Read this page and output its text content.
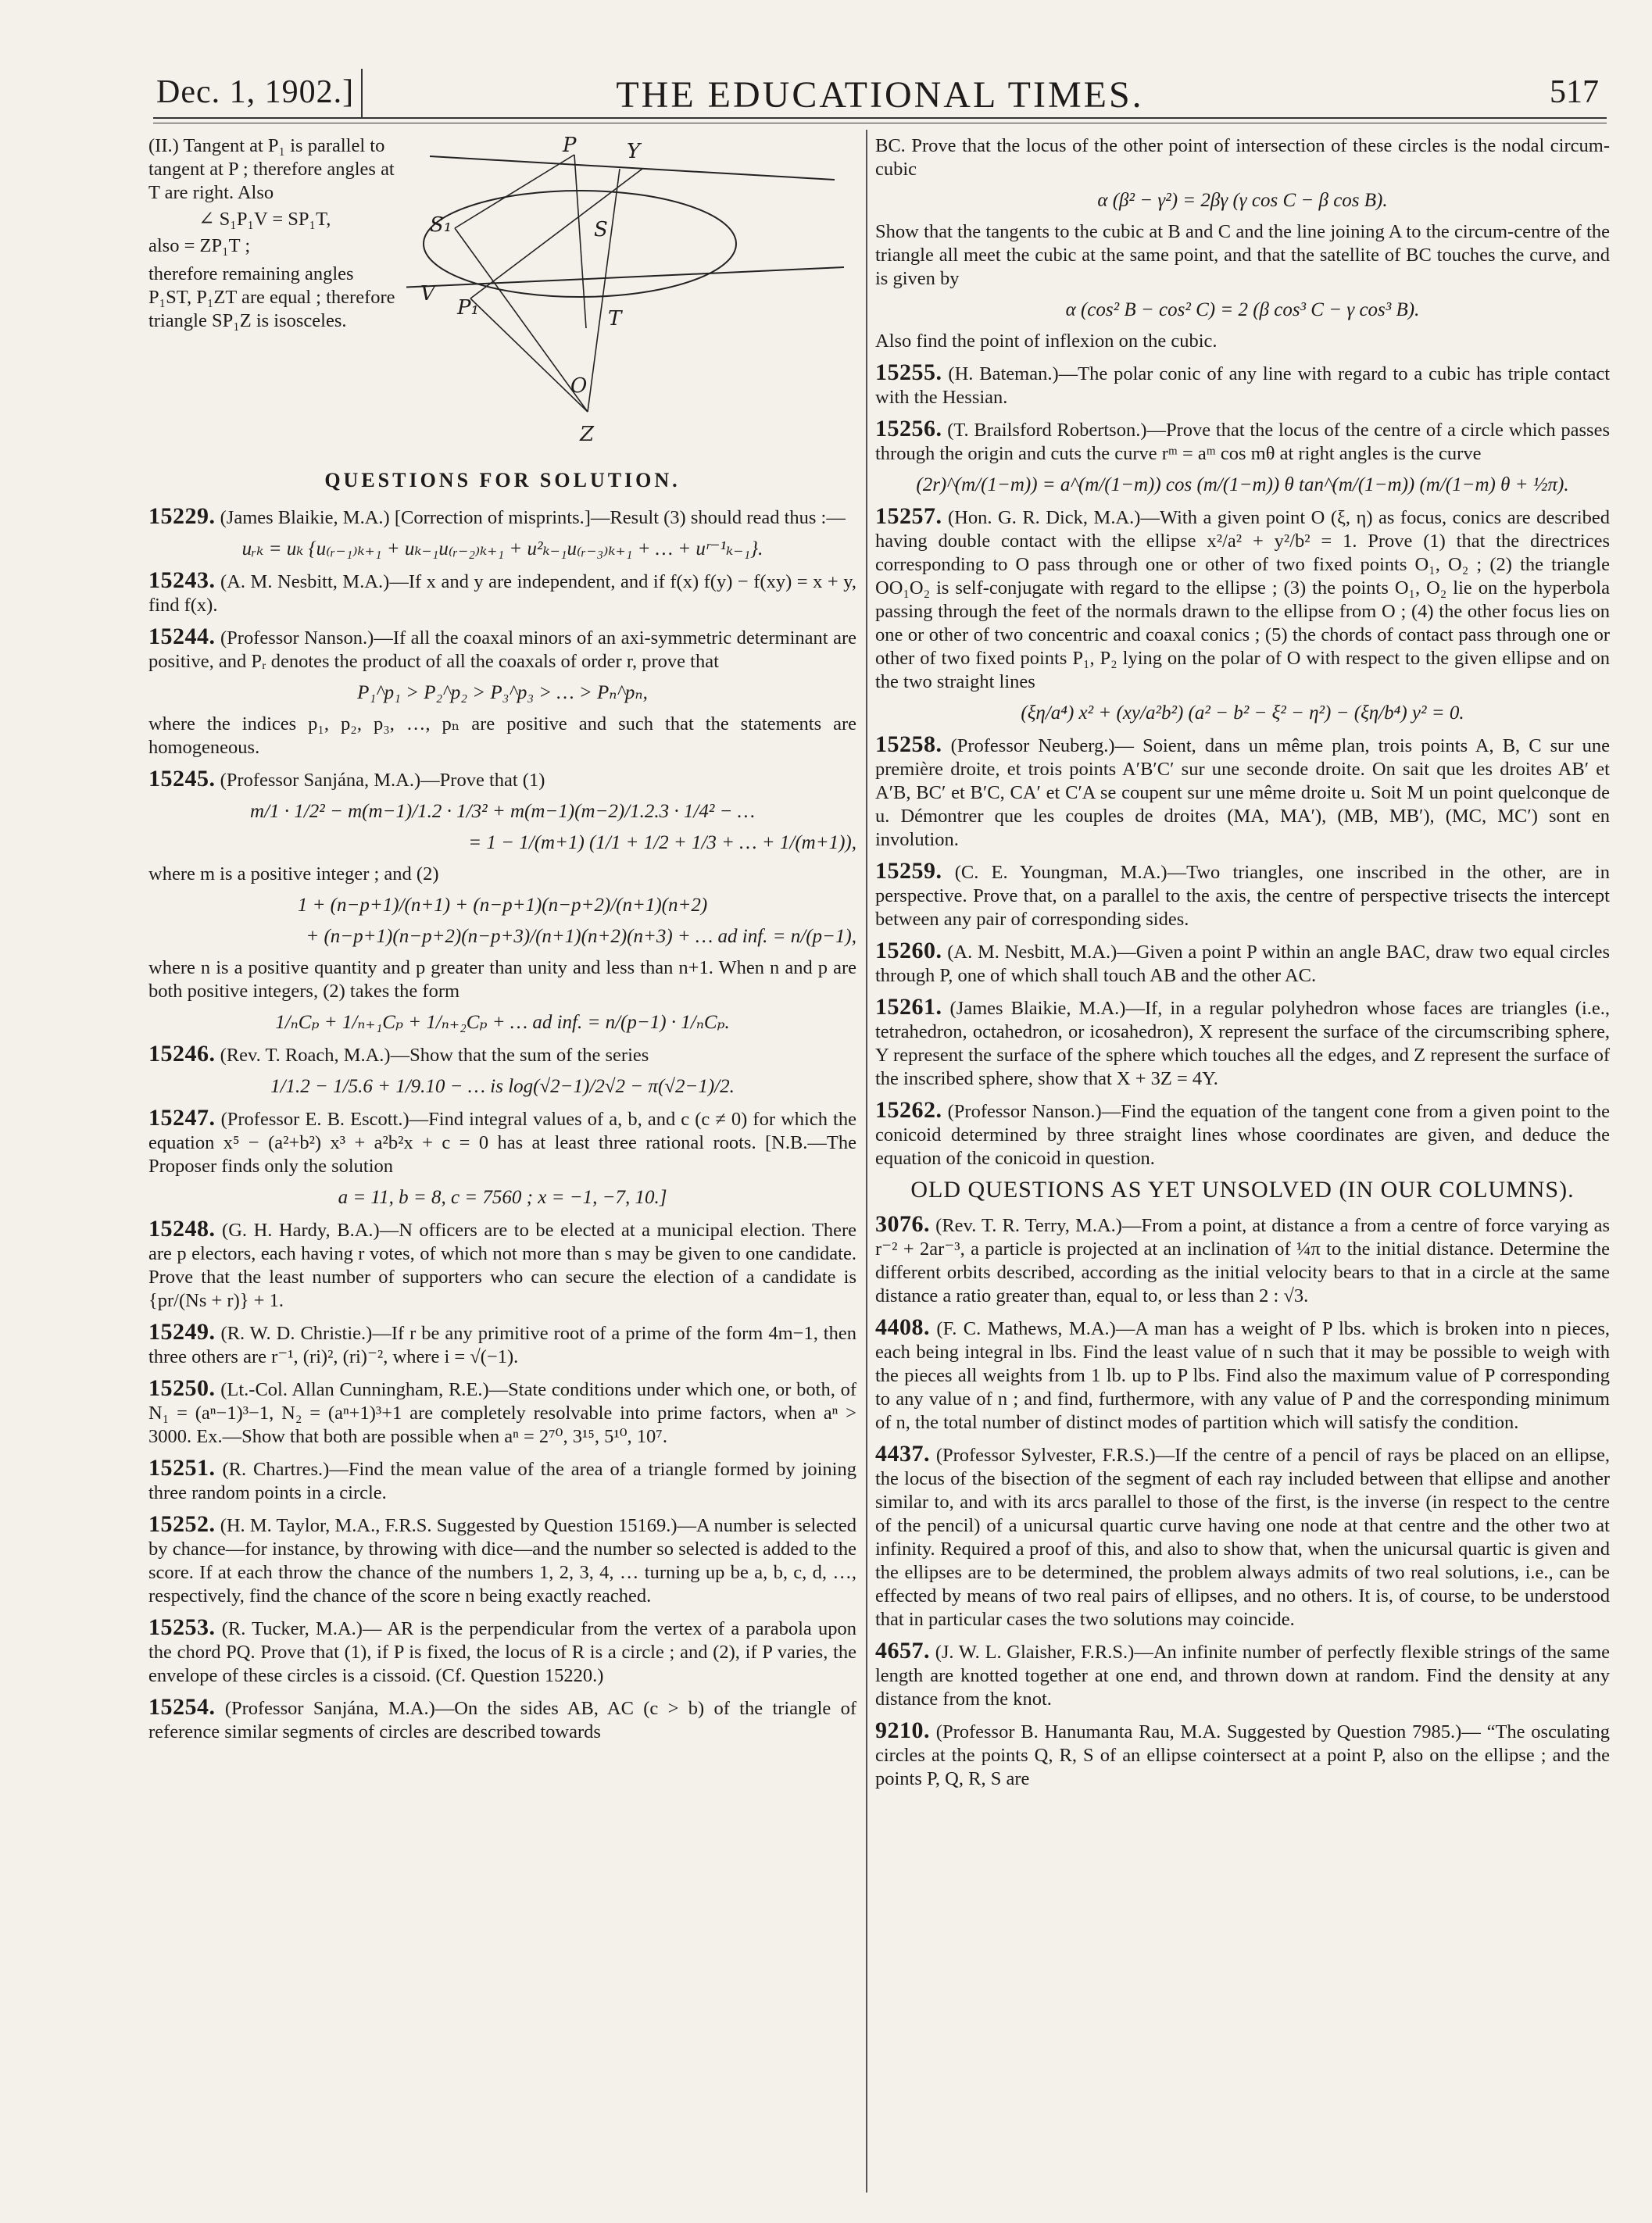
Dec. 1, 1902.]	THE EDUCATIONAL TIMES.	517

(II.) Tangent at P₁ is parallel to tangent at P ; therefore angles at T are right. Also

∠ S₁P₁V = SP₁T,

also = ZP₁T ;

therefore remaining angles P₁ST, P₁ZT are equal ; therefore triangle SP₁Z is isosceles.

P Y
S₁	S
V
P₁	T
O
Z
QUESTIONS FOR SOLUTION.

15229. (James Blaikie, M.A.) [Correction of misprints.]—Result (3) should read thus :—

uᵣₖ = uₖ {u₍ᵣ₋₁₎ₖ₊₁ + uₖ₋₁u₍ᵣ₋₂₎ₖ₊₁ + u²ₖ₋₁u₍ᵣ₋₃₎ₖ₊₁ + … + uʳ⁻¹ₖ₋₁}.

15243. (A. M. Nesbitt, M.A.)—If x and y are independent, and if f(x) f(y) − f(xy) = x + y, find f(x).

15244. (Professor Nanson.)—If all the coaxal minors of an axi-symmetric determinant are positive, and Pᵣ denotes the product of all the coaxals of order r, prove that

P₁^p₁ > P₂^p₂ > P₃^p₃ > … > Pₙ^pₙ,

where the indices p₁, p₂, p₃, …, pₙ are positive and such that the statements are homogeneous.

15245. (Professor Sanjána, M.A.)—Prove that (1)

m/1 · 1/2² − m(m−1)/1.2 · 1/3² + m(m−1)(m−2)/1.2.3 · 1/4² − …
= 1 − 1/(m+1) (1/1 + 1/2 + 1/3 + … + 1/(m+1)),

where m is a positive integer ; and (2)

1 + (n−p+1)/(n+1) + (n−p+1)(n−p+2)/(n+1)(n+2)
+ (n−p+1)(n−p+2)(n−p+3)/(n+1)(n+2)(n+3) + … ad inf. = n/(p−1),

where n is a positive quantity and p greater than unity and less than n+1. When n and p are both positive integers, (2) takes the form

1/ₙCₚ + 1/ₙ₊₁Cₚ + 1/ₙ₊₂Cₚ + … ad inf. = n/(p−1) · 1/ₙCₚ.

15246. (Rev. T. Roach, M.A.)—Show that the sum of the series

1/1.2 − 1/5.6 + 1/9.10 − … is log(√2−1)/2√2 − π(√2−1)/2.

15247. (Professor E. B. Escott.)—Find integral values of a, b, and c (c ≠ 0) for which the equation x⁵ − (a²+b²) x³ + a²b²x + c = 0 has at least three rational roots. [N.B.—The Proposer finds only the solution

a = 11, b = 8, c = 7560 ; x = −1, −7, 10.]

15248. (G. H. Hardy, B.A.)—N officers are to be elected at a municipal election. There are p electors, each having r votes, of which not more than s may be given to one candidate. Prove that the least number of supporters who can secure the election of a candidate is {pr/(Ns + r)} + 1.

15249. (R. W. D. Christie.)—If r be any primitive root of a prime of the form 4m−1, then three others are r⁻¹, (ri)², (ri)⁻², where i = √(−1).

15250. (Lt.-Col. Allan Cunningham, R.E.)—State conditions under which one, or both, of N₁ = (aⁿ−1)³−1, N₂ = (aⁿ+1)³+1 are completely resolvable into prime factors, when aⁿ > 3000. Ex.—Show that both are possible when aⁿ = 2⁷⁰, 3¹⁵, 5¹⁰, 10⁷.

15251. (R. Chartres.)—Find the mean value of the area of a triangle formed by joining three random points in a circle.

15252. (H. M. Taylor, M.A., F.R.S. Suggested by Question 15169.)—A number is selected by chance—for instance, by throwing with dice—and the number so selected is added to the score. If at each throw the chance of the numbers 1, 2, 3, 4, … turning up be a, b, c, d, …, respectively, find the chance of the score n being exactly reached.

15253. (R. Tucker, M.A.)— AR is the perpendicular from the vertex of a parabola upon the chord PQ. Prove that (1), if P is fixed, the locus of R is a circle ; and (2), if P varies, the envelope of these circles is a cissoid. (Cf. Question 15220.)

15254. (Professor Sanjána, M.A.)—On the sides AB, AC (c > b) of the triangle of reference similar segments of circles are described towards

BC. Prove that the locus of the other point of intersection of these circles is the nodal circum-cubic

α (β² − γ²) = 2βγ (γ cos C − β cos B).

Show that the tangents to the cubic at B and C and the line joining A to the circum-centre of the triangle all meet the cubic at the same point, and that the satellite of BC touches the curve, and is given by

α (cos² B − cos² C) = 2 (β cos³ C − γ cos³ B).

Also find the point of inflexion on the cubic.

15255. (H. Bateman.)—The polar conic of any line with regard to a cubic has triple contact with the Hessian.

15256. (T. Brailsford Robertson.)—Prove that the locus of the centre of a circle which passes through the origin and cuts the curve rᵐ = aᵐ cos mθ at right angles is the curve

(2r)^(m/(1−m)) = a^(m/(1−m)) cos (m/(1−m)) θ tan^(m/(1−m)) (m/(1−m) θ + ½π).

15257. (Hon. G. R. Dick, M.A.)—With a given point O (ξ, η) as focus, conics are described having double contact with the ellipse x²/a² + y²/b² = 1. Prove (1) that the directrices corresponding to O pass through one or other of two fixed points O₁, O₂ ; (2) the triangle OO₁O₂ is self-conjugate with regard to the ellipse ; (3) the points O₁, O₂ lie on the hyperbola passing through the feet of the normals drawn to the ellipse from O ; (4) the other focus lies on one or other of two concentric and coaxal conics ; (5) the chords of contact pass through one or other of two fixed points P₁, P₂ lying on the polar of O with respect to the given ellipse and on the two straight lines

(ξη/a⁴) x² + (xy/a²b²) (a² − b² − ξ² − η²) − (ξη/b⁴) y² = 0.

15258. (Professor Neuberg.)— Soient, dans un même plan, trois points A, B, C sur une première droite, et trois points A′B′C′ sur une seconde droite. On sait que les droites AB′ et A′B, BC′ et B′C, CA′ et C′A se coupent sur une même droite u. Soit M un point quelconque de u. Démontrer que les couples de droites (MA, MA′), (MB, MB′), (MC, MC′) sont en involution.

15259. (C. E. Youngman, M.A.)—Two triangles, one inscribed in the other, are in perspective. Prove that, on a parallel to the axis, the centre of perspective trisects the intercept between any pair of corresponding sides.

15260. (A. M. Nesbitt, M.A.)—Given a point P within an angle BAC, draw two equal circles through P, one of which shall touch AB and the other AC.

15261. (James Blaikie, M.A.)—If, in a regular polyhedron whose faces are triangles (i.e., tetrahedron, octahedron, or icosahedron), X represent the surface of the circumscribing sphere, Y represent the surface of the sphere which touches all the edges, and Z represent the surface of the inscribed sphere, show that X + 3Z = 4Y.

15262. (Professor Nanson.)—Find the equation of the tangent cone from a given point to the conicoid determined by three straight lines whose coordinates are given, and deduce the equation of the conicoid in question.

OLD QUESTIONS AS YET UNSOLVED (IN OUR COLUMNS).

3076. (Rev. T. R. Terry, M.A.)—From a point, at distance a from a centre of force varying as r⁻² + 2ar⁻³, a particle is projected at an inclination of ¼π to the initial distance. Determine the different orbits described, according as the initial velocity bears to that in a circle at the same distance a ratio greater than, equal to, or less than 2 : √3.

4408. (F. C. Mathews, M.A.)—A man has a weight of P lbs. which is broken into n pieces, each being integral in lbs. Find the least value of n such that it may be possible to weigh with the pieces all weights from 1 lb. up to P lbs. Find also the maximum value of P corresponding to any value of n ; and find, furthermore, with any value of P and the corresponding minimum of n, the total number of distinct modes of partition which will satisfy the condition.

4437. (Professor Sylvester, F.R.S.)—If the centre of a pencil of rays be placed on an ellipse, the locus of the bisection of the segment of each ray included between that ellipse and another similar to, and with its arcs parallel to those of the first, is the inverse (in respect to the centre of the pencil) of a unicursal quartic curve having one node at that centre and the other two at infinity. Required a proof of this, and also to show that, when the unicursal quartic is given and the ellipses are to be determined, the problem always admits of two real solutions, i.e., can be effected by means of two real pairs of ellipses, and no others. It is, of course, to be understood that in particular cases the two solutions may coincide.

4657. (J. W. L. Glaisher, F.R.S.)—An infinite number of perfectly flexible strings of the same length are knotted together at one end, and thrown down at random. Find the density at any distance from the knot.

9210. (Professor B. Hanumanta Rau, M.A. Suggested by Question 7985.)— “The osculating circles at the points Q, R, S of an ellipse cointersect at a point P, also on the ellipse ; and the points P, Q, R, S are
